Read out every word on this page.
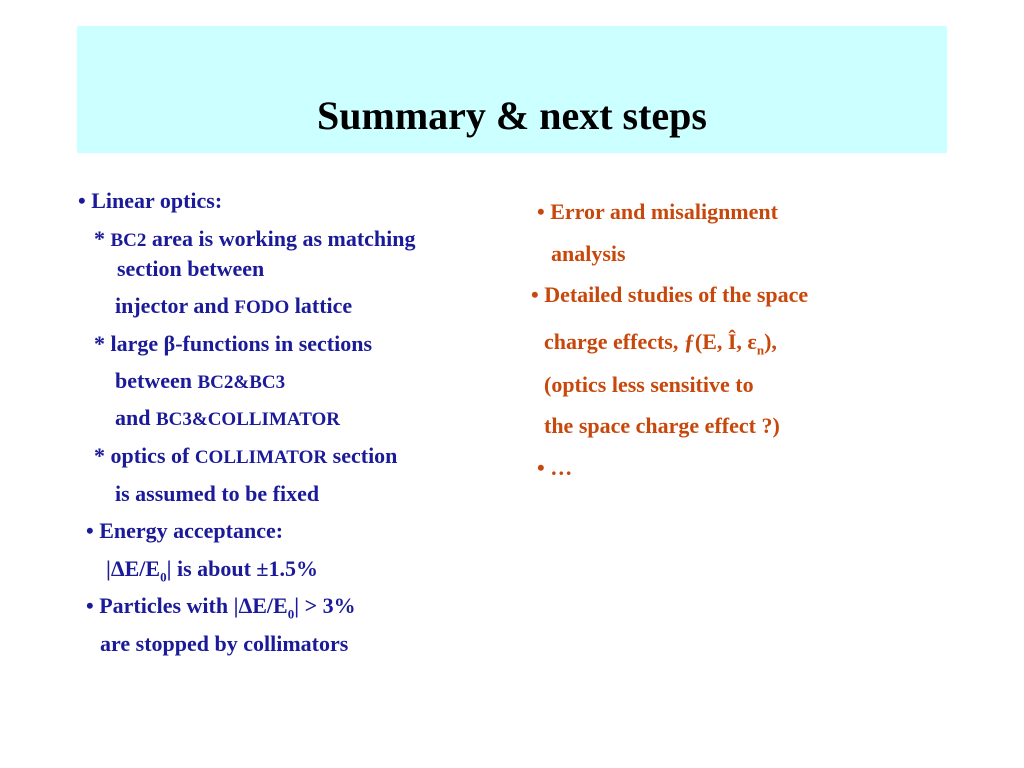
Summary & next steps
• Linear optics:
* BC2 area is working as matching
section between
injector and FODO lattice
* large β-functions in sections
between BC2&BC3
and BC3&COLLIMATOR
* optics of COLLIMATOR section
is assumed to be fixed
• Energy acceptance:
$|\Delta E/E_0|$ is about ±1.5%
• Particles with $|\Delta E/E_0| > 3\%$
are stopped by collimators
• Error and misalignment
analysis
• Detailed studies of the space
charge effects, ƒ(E, Î, $\varepsilon_n$),
(optics less sensitive to
the space charge effect ?)
• …
